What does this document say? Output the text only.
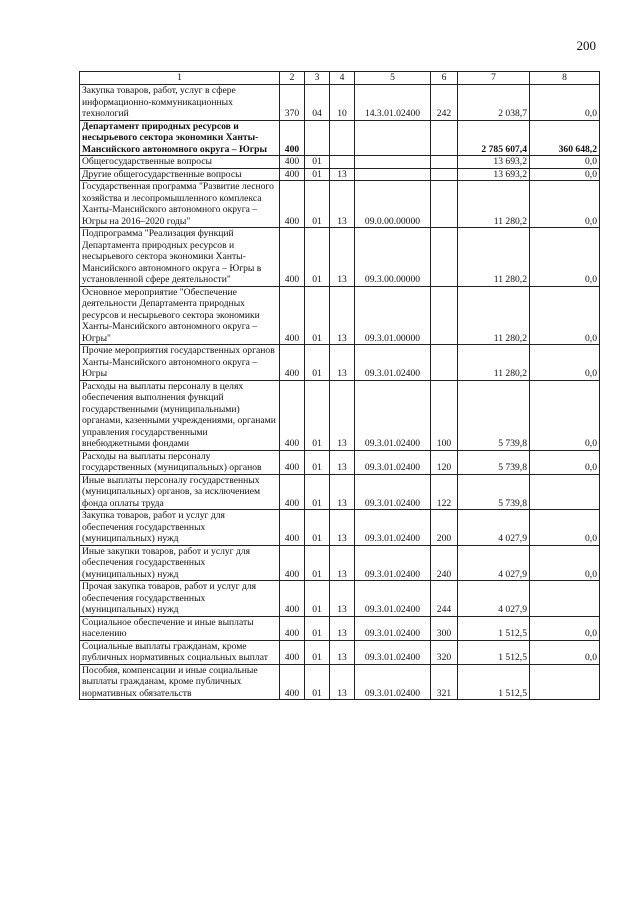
200
1	2	3	4	5	6	7	8
Закупка товаров, работ, услуг в сфере информационно-коммуникационных технологий	370	04	10	14.3.01.02400	242	2 038,7	0,0
Департамент природных ресурсов и несырьевого сектора экономики Ханты-Мансийского автономного округа – Югры	400					2 785 607,4	360 648,2
Общегосударственные вопросы	400	01				13 693,2	0,0
Другие общегосударственные вопросы	400	01	13			13 693,2	0,0
Государственная программа "Развитие лесного хозяйства и лесопромышленного комплекса Ханты-Мансийского автономного округа – Югры на 2016–2020 годы"	400	01	13	09.0.00.00000		11 280,2	0,0
Подпрограмма "Реализация функций Департамента природных ресурсов и несырьевого сектора экономики Ханты-Мансийского автономного округа – Югры в установленной сфере деятельности"	400	01	13	09.3.00.00000		11 280,2	0,0
Основное мероприятие "Обеспечение деятельности Департамента природных ресурсов и несырьевого сектора экономики Ханты-Мансийского автономного округа – Югры"	400	01	13	09.3.01.00000		11 280,2	0,0
Прочие мероприятия государственных органов Ханты-Мансийского автономного округа – Югры	400	01	13	09.3.01.02400		11 280,2	0,0
Расходы на выплаты персоналу в целях обеспечения выполнения функций государственными (муниципальными) органами, казенными учреждениями, органами управления государственными внебюджетными фондами	400	01	13	09.3.01.02400	100	5 739,8	0,0
Расходы на выплаты персоналу государственных (муниципальных) органов	400	01	13	09.3.01.02400	120	5 739,8	0,0
Иные выплаты персоналу государственных (муниципальных) органов, за исключением фонда оплаты труда	400	01	13	09.3.01.02400	122	5 739,8	
Закупка товаров, работ и услуг для обеспечения государственных (муниципальных) нужд	400	01	13	09.3.01.02400	200	4 027,9	0,0
Иные закупки товаров, работ и услуг для обеспечения государственных (муниципальных) нужд	400	01	13	09.3.01.02400	240	4 027,9	0,0
Прочая закупка товаров, работ и услуг для обеспечения государственных (муниципальных) нужд	400	01	13	09.3.01.02400	244	4 027,9	
Социальное обеспечение и иные выплаты населению	400	01	13	09.3.01.02400	300	1 512,5	0,0
Социальные выплаты гражданам, кроме публичных нормативных социальных выплат	400	01	13	09.3.01.02400	320	1 512,5	0,0
Пособия, компенсации и иные социальные выплаты гражданам, кроме публичных нормативных обязательств	400	01	13	09.3.01.02400	321	1 512,5	
